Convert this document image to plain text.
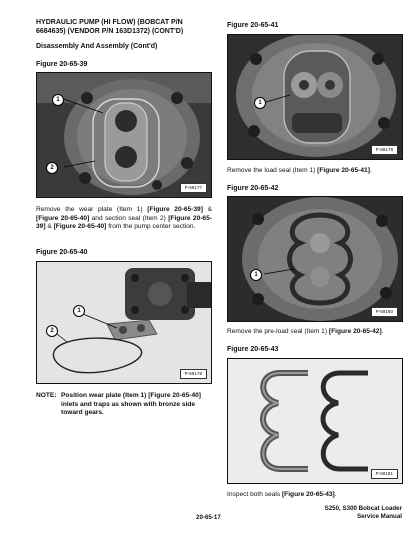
HYDRAULIC PUMP (HI FLOW) (BOBCAT P/N
6684635) (VENDOR P/N 163D1372) (CONT'D)
Disassembly And Assembly (Cont'd)
Figure 20-65-39
1
2
P-59177
Remove the wear plate (Item 1) [Figure 20-65-39] & [Figure 20-65-40] and section seal (Item 2) [Figure 20-65-39] & [Figure 20-65-40] from the pump center section.
Figure 20-65-40
1
2
P-59178
NOTE: Position wear plate (Item 1) [Figure 20-65-40] inlets and traps as shown with bronze side toward gears.
Figure 20-65-41
1
P-59179
Remove the load seal (Item 1) [Figure 20-65-41].
Figure 20-65-42
1
P-59180
Remove the pre-load seal (Item 1) [Figure 20-65-42].
Figure 20-65-43
P-59181
Inspect both seals [Figure 20-65-43].
20-65-17
S250, S300 Bobcat Loader
Service Manual
